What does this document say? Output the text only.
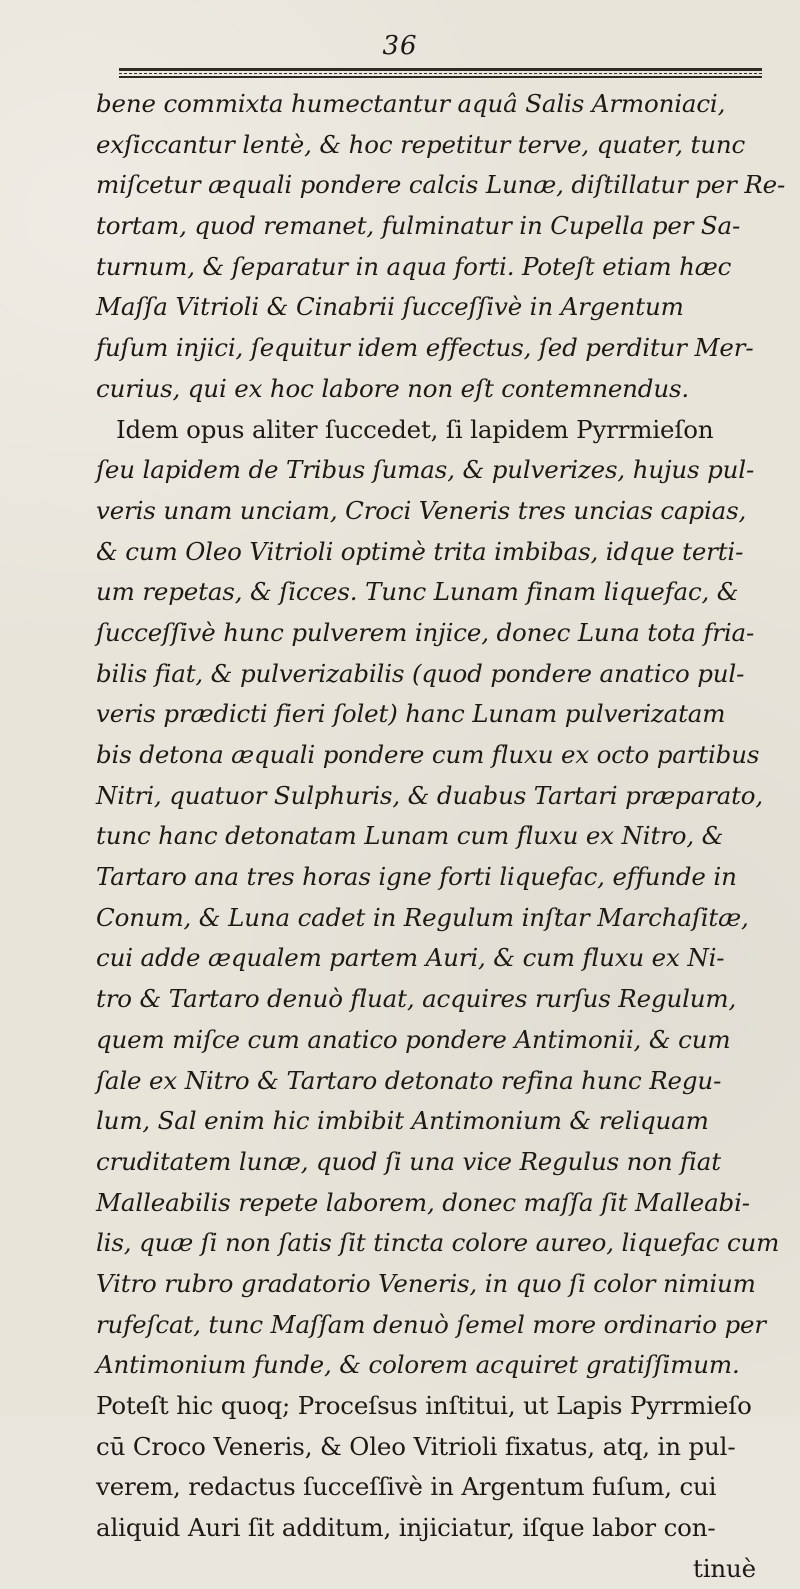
36
bene commixta humectantur aquâ Salis Armoniaci,
exſiccantur lentè, & hoc repetitur terve, quater, tunc
miſcetur æquali pondere calcis Lunæ, diſtillatur per Re-
tortam, quod remanet, fulminatur in Cupella per Sa-
turnum, & ſeparatur in aqua forti. Poteſt etiam hæc
Maſſa Vitrioli & Cinabrii ſucceſſivè in Argentum
fuſum injici, ſequitur idem effectus, ſed perditur Mer-
curius, qui ex hoc labore non eſt contemnendus.
Idem opus aliter ſuccedet, ſi lapidem Pyrrmieſon
ſeu lapidem de Tribus ſumas, & pulverizes, hujus pul-
veris unam unciam, Croci Veneris tres uncias capias,
& cum Oleo Vitrioli optimè trita imbibas, idque terti-
um repetas, & ſicces. Tunc Lunam finam liquefac, &
ſucceſſivè hunc pulverem injice, donec Luna tota fria-
bilis fiat, & pulverizabilis (quod pondere anatico pul-
veris prædicti fieri ſolet) hanc Lunam pulverizatam
bis detona æquali pondere cum fluxu ex octo partibus
Nitri, quatuor Sulphuris, & duabus Tartari præparato,
tunc hanc detonatam Lunam cum fluxu ex Nitro, &
Tartaro ana tres horas igne forti liquefac, effunde in
Conum, & Luna cadet in Regulum inſtar Marchaſitæ,
cui adde æqualem partem Auri, & cum fluxu ex Ni-
tro & Tartaro denuò fluat, acquires rurſus Regulum,
quem miſce cum anatico pondere Antimonii, & cum
ſale ex Nitro & Tartaro detonato refina hunc Regu-
lum, Sal enim hic imbibit Antimonium & reliquam
cruditatem lunæ, quod ſi una vice Regulus non fiat
Malleabilis repete laborem, donec maſſa ſit Malleabi-
lis, quæ ſi non ſatis ſit tincta colore aureo, liquefac cum
Vitro rubro gradatorio Veneris, in quo ſi color nimium
rufeſcat, tunc Maſſam denuò ſemel more ordinario per
Antimonium funde, & colorem acquiret gratiſſimum.
Poteſt hic quoq; Proceſsus inſtitui, ut Lapis Pyrrmieſo
cū Croco Veneris, & Oleo Vitrioli fixatus, atq, in pul-
verem, redactus ſucceſſivè in Argentum fuſum, cui
aliquid Auri ſit additum, injiciatur, iſque labor con-
tinuè
